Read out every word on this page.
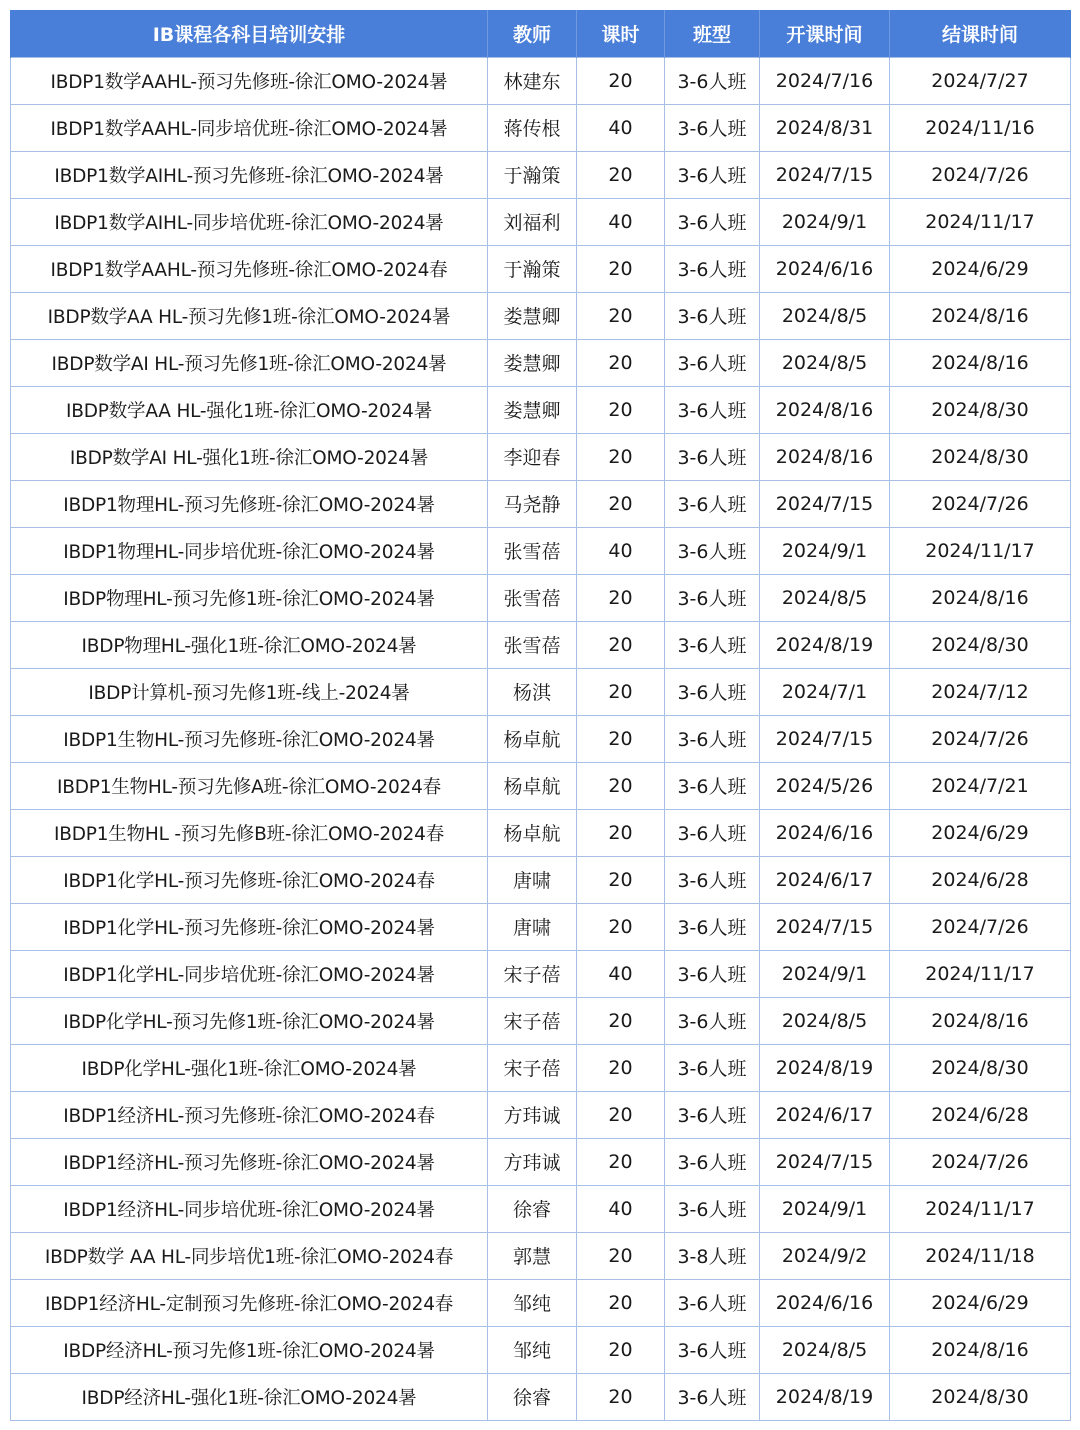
IB课程各科目培训安排	教师	课时	班型	开课时间	结课时间
IBDP1数学AAHL-预习先修班-徐汇OMO-2024暑	林建东	20	3-6人班	2024/7/16	2024/7/27
IBDP1数学AAHL-同步培优班-徐汇OMO-2024暑	蒋传根	40	3-6人班	2024/8/31	2024/11/16
IBDP1数学AIHL-预习先修班-徐汇OMO-2024暑	于瀚策	20	3-6人班	2024/7/15	2024/7/26
IBDP1数学AIHL-同步培优班-徐汇OMO-2024暑	刘福利	40	3-6人班	2024/9/1	2024/11/17
IBDP1数学AAHL-预习先修班-徐汇OMO-2024春	于瀚策	20	3-6人班	2024/6/16	2024/6/29
IBDP数学AA HL-预习先修1班-徐汇OMO-2024暑	娄慧卿	20	3-6人班	2024/8/5	2024/8/16
IBDP数学AI HL-预习先修1班-徐汇OMO-2024暑	娄慧卿	20	3-6人班	2024/8/5	2024/8/16
IBDP数学AA HL-强化1班-徐汇OMO-2024暑	娄慧卿	20	3-6人班	2024/8/16	2024/8/30
IBDP数学AI HL-强化1班-徐汇OMO-2024暑	李迎春	20	3-6人班	2024/8/16	2024/8/30
IBDP1物理HL-预习先修班-徐汇OMO-2024暑	马尧静	20	3-6人班	2024/7/15	2024/7/26
IBDP1物理HL-同步培优班-徐汇OMO-2024暑	张雪蓓	40	3-6人班	2024/9/1	2024/11/17
IBDP物理HL-预习先修1班-徐汇OMO-2024暑	张雪蓓	20	3-6人班	2024/8/5	2024/8/16
IBDP物理HL-强化1班-徐汇OMO-2024暑	张雪蓓	20	3-6人班	2024/8/19	2024/8/30
IBDP计算机-预习先修1班-线上-2024暑	杨淇	20	3-6人班	2024/7/1	2024/7/12
IBDP1生物HL-预习先修班-徐汇OMO-2024暑	杨卓航	20	3-6人班	2024/7/15	2024/7/26
IBDP1生物HL-预习先修A班-徐汇OMO-2024春	杨卓航	20	3-6人班	2024/5/26	2024/7/21
IBDP1生物HL -预习先修B班-徐汇OMO-2024春	杨卓航	20	3-6人班	2024/6/16	2024/6/29
IBDP1化学HL-预习先修班-徐汇OMO-2024春	唐啸	20	3-6人班	2024/6/17	2024/6/28
IBDP1化学HL-预习先修班-徐汇OMO-2024暑	唐啸	20	3-6人班	2024/7/15	2024/7/26
IBDP1化学HL-同步培优班-徐汇OMO-2024暑	宋子蓓	40	3-6人班	2024/9/1	2024/11/17
IBDP化学HL-预习先修1班-徐汇OMO-2024暑	宋子蓓	20	3-6人班	2024/8/5	2024/8/16
IBDP化学HL-强化1班-徐汇OMO-2024暑	宋子蓓	20	3-6人班	2024/8/19	2024/8/30
IBDP1经济HL-预习先修班-徐汇OMO-2024春	方玮诚	20	3-6人班	2024/6/17	2024/6/28
IBDP1经济HL-预习先修班-徐汇OMO-2024暑	方玮诚	20	3-6人班	2024/7/15	2024/7/26
IBDP1经济HL-同步培优班-徐汇OMO-2024暑	徐睿	40	3-6人班	2024/9/1	2024/11/17
IBDP数学 AA HL-同步培优1班-徐汇OMO-2024春	郭慧	20	3-8人班	2024/9/2	2024/11/18
IBDP1经济HL-定制预习先修班-徐汇OMO-2024春	邹纯	20	3-6人班	2024/6/16	2024/6/29
IBDP经济HL-预习先修1班-徐汇OMO-2024暑	邹纯	20	3-6人班	2024/8/5	2024/8/16
IBDP经济HL-强化1班-徐汇OMO-2024暑	徐睿	20	3-6人班	2024/8/19	2024/8/30
